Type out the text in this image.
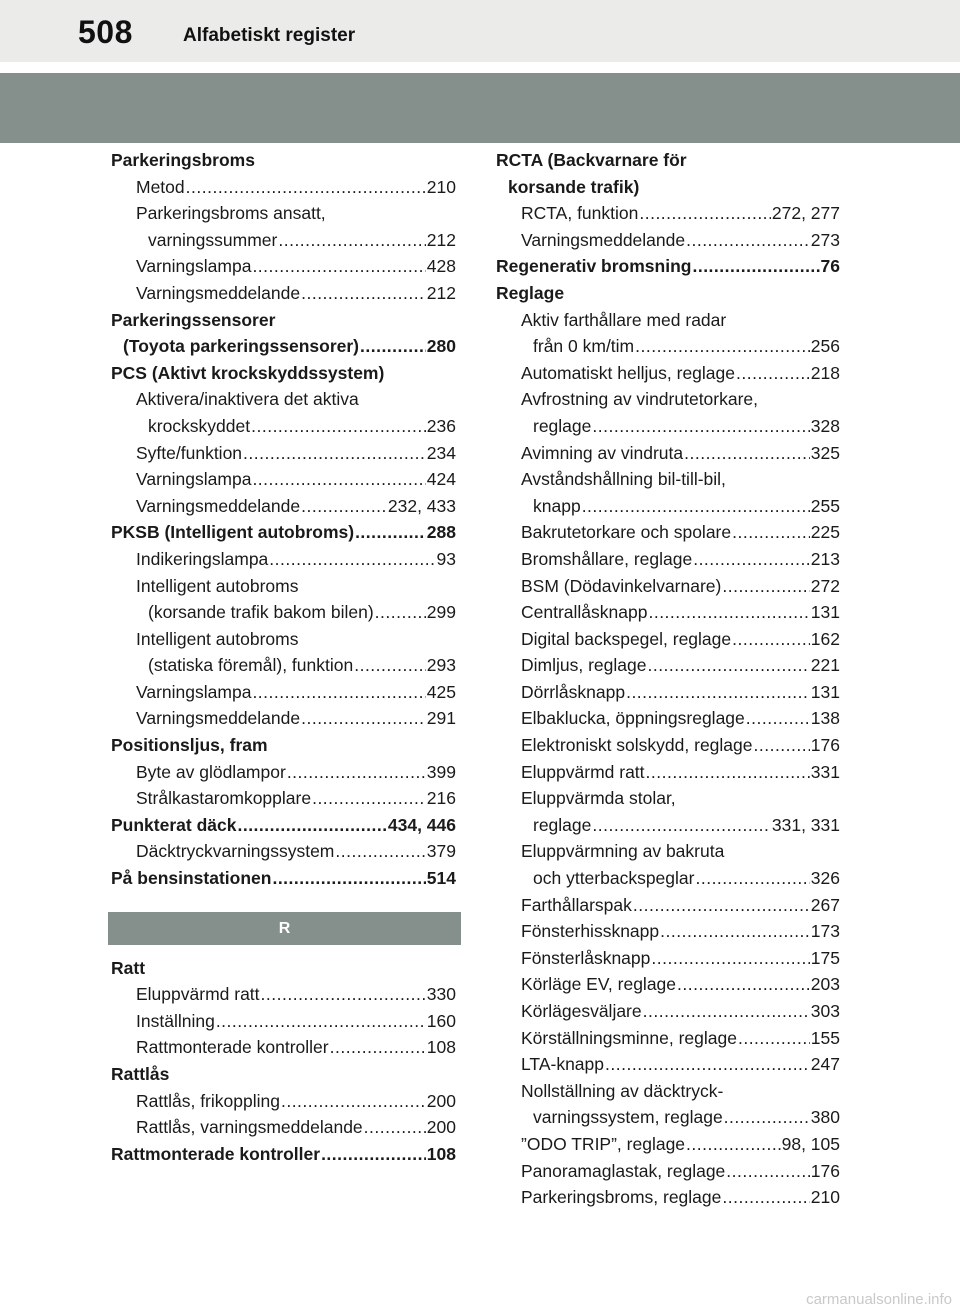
508	Alfabetiskt register
Parkeringsbroms
Metod .....	210
Parkeringsbroms ansatt,
varningssummer .....	212
Varningslampa .....	428
Varningsmeddelande .....	212
Parkeringssensorer
(Toyota parkeringssensorer) .....	280
PCS (Aktivt krockskyddssystem)
Aktivera/inaktivera det aktiva
krockskyddet .....	236
Syfte/funktion .....	234
Varningslampa .....	424
Varningsmeddelande .....	232, 433
PKSB (Intelligent autobroms) .....	288
Indikeringslampa .....	93
Intelligent autobroms
(korsande trafik bakom bilen) .....	299
Intelligent autobroms
(statiska föremål), funktion .....	293
Varningslampa .....	425
Varningsmeddelande .....	291
Positionsljus, fram
Byte av glödlampor .....	399
Strålkastaromkopplare .....	216
Punkterat däck .....	434, 446
Däcktryckvarningssystem .....	379
På bensinstationen .....	514
R
Ratt
Eluppvärmd ratt .....	330
Inställning .....	160
Rattmonterade kontroller .....	108
Rattlås
Rattlås, frikoppling .....	200
Rattlås, varningsmeddelande .....	200
Rattmonterade kontroller .....	108
RCTA (Backvarnare för
korsande trafik)
RCTA, funktion .....	272, 277
Varningsmeddelande .....	273
Regenerativ bromsning .....	76
Reglage
Aktiv farthållare med radar
från 0 km/tim .....	256
Automatiskt helljus, reglage .....	218
Avfrostning av vindrutetorkare,
reglage .....	328
Avimning av vindruta .....	325
Avståndshållning bil-till-bil,
knapp .....	255
Bakrutetorkare och spolare .....	225
Bromshållare, reglage .....	213
BSM (Dödavinkelvarnare) .....	272
Centrallåsknapp .....	131
Digital backspegel, reglage .....	162
Dimljus, reglage .....	221
Dörrlåsknapp .....	131
Elbaklucka, öppningsreglage .....	138
Elektroniskt solskydd, reglage .....	176
Eluppvärmd ratt .....	331
Eluppvärmda stolar,
reglage .....	331, 331
Eluppvärmning av bakruta
och ytterbackspeglar .....	326
Farthållarspak .....	267
Fönsterhissknapp .....	173
Fönsterlåsknapp .....	175
Körläge EV, reglage .....	203
Körlägesväljare .....	303
Körställningsminne, reglage .....	155
LTA-knapp .....	247
Nollställning av däcktryck-
varningssystem, reglage .....	380
”ODO TRIP”, reglage .....	98, 105
Panoramaglastak, reglage .....	176
Parkeringsbroms, reglage .....	210
carmanualsonline.info
